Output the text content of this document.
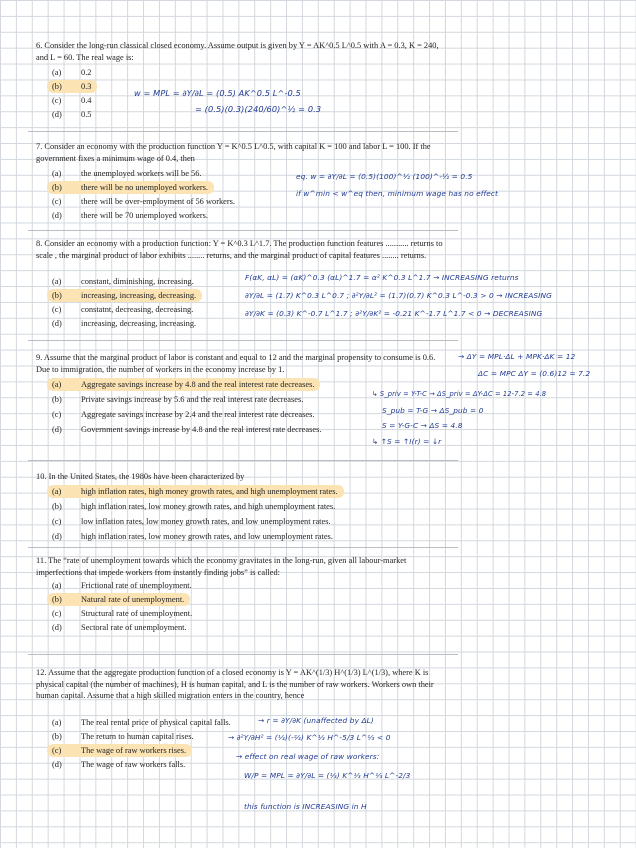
6. Consider the long-run classical closed economy. Assume output is given by Y = AK^0.5 L^0.5 with A = 0.3, K = 240, and L = 60. The real wage is:
(a) 0.2
(b) 0.3
(c) 0.4
(d) 0.5
w = MPL = ∂Y/∂L = (0.5) AK^0.5 L^-0.5
= (0.5)(0.3)(240/60)^½ = 0.3
7. Consider an economy with the production function Y = K^0.5 L^0.5, with capital K = 100 and labor L = 100. If the government fixes a minimum wage of 0.4, then
(a) the unemployed workers will be 56.
(b) there will be no unemployed workers.
(c) there will be over-employment of 56 workers.
(d) there will be 70 unemployed workers.
eq. w = ∂Y/∂L = (0.5)(100)^½ (100)^-½ = 0.5
if w^min < w^eq then, minimum wage has no effect
8. Consider an economy with a production function: Y = K^0.3 L^1.7. The production function features ........... returns to scale , the marginal product of labor exhibits ........ returns, and the marginal product of capital features ........ returns.
(a) constant, diminishing, increasing.
(b) increasing, increasing, decreasing.
(c) constatnt, decreasing, decreasing.
(d) increasing, decreasing, increasing.
F(αK, αL) = (αK)^0.3 (αL)^1.7 = α² K^0.3 L^1.7 → INCREASING returns
∂Y/∂L = (1.7) K^0.3 L^0.7 ; ∂²Y/∂L² = (1.7)(0.7) K^0.3 L^-0.3 > 0 → INCREASING
∂Y/∂K = (0.3) K^-0.7 L^1.7 ; ∂²Y/∂K² = -0.21 K^-1.7 L^1.7 < 0 → DECREASING
9. Assume that the marginal product of labor is constant and equal to 12 and the marginal propensity to consume is 0.6. Due to immigration, the number of workers in the economy increase by 1.
(a) Aggregate savings increase by 4.8 and the real interest rate decreases.
(b) Private savings increase by 5.6 and the real interest rate decreases.
(c) Aggregate savings increase by 2.4 and the real interest rate decreases.
(d) Government savings increase by 4.8 and the real interest rate decreases.
→ ΔY = MPL·ΔL + MPK·ΔK = 12
ΔC = MPC ΔY = (0.6)12 = 7.2
↳ S_priv = Y-T-C → ΔS_priv = ΔY-ΔC = 12-7.2 = 4.8
S_pub = T-G → ΔS_pub = 0
S = Y-G-C → ΔS = 4.8
↳ ↑S = ↑I(r) = ↓r
10. In the United States, the 1980s have been characterized by
(a) high inflation rates, high money growth rates, and high unemployment rates.
(b) high inflation rates, low money growth rates, and high unemployment rates.
(c) low inflation rates, low money growth rates, and low unemployment rates.
(d) high inflation rates, low money growth rates, and low unemployment rates.
11. The “rate of unemployment towards which the economy gravitates in the long-run, given all labour-market imperfections that impede workers from instantly finding jobs” is called:
(a) Frictional rate of unemployment.
(b) Natural rate of unemployment.
(c) Structural rate of unemployment.
(d) Sectoral rate of unemployment.
12. Assume that the aggregate production function of a closed economy is Y = AK^(1/3) H^(1/3) L^(1/3), where K is physical capital (the number of machines), H is human capital, and L is the number of raw workers. Workers own their human capital. Assume that a high skilled migration enters in the country, hence
(a) The real rental price of physical capital falls.
(b) The return to human capital rises.
(c) The wage of raw workers rises.
(d) The wage of raw workers falls.
→ r = ∂Y/∂K (unaffected by ΔL)
→ ∂²Y/∂H² = (⅓)(-⅔) K^⅓ H^-5/3 L^⅓ < 0
→ effect on real wage of raw workers:
W/P = MPL = ∂Y/∂L = (⅓) K^⅓ H^⅓ L^-2/3
this function is INCREASING in H
